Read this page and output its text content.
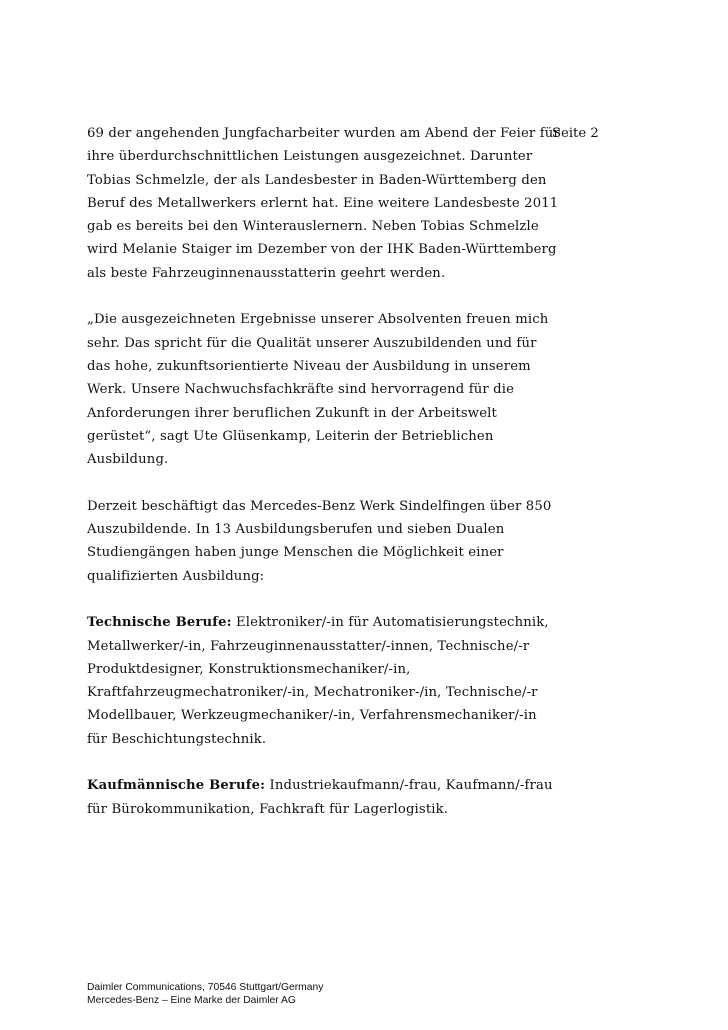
Seite 2

69 der angehenden Jungfacharbeiter wurden am Abend der Feier für
ihre überdurchschnittlichen Leistungen ausgezeichnet. Darunter
Tobias Schmelzle, der als Landesbester in Baden-Württemberg den
Beruf des Metallwerkers erlernt hat. Eine weitere Landesbeste 2011
gab es bereits bei den Winterauslernern. Neben Tobias Schmelzle
wird Melanie Staiger im Dezember von der IHK Baden-Württemberg
als beste Fahrzeuginnenausstatterin geehrt werden.

„Die ausgezeichneten Ergebnisse unserer Absolventen freuen mich
sehr. Das spricht für die Qualität unserer Auszubildenden und für
das hohe, zukunftsorientierte Niveau der Ausbildung in unserem
Werk. Unsere Nachwuchsfachkräfte sind hervorragend für die
Anforderungen ihrer beruflichen Zukunft in der Arbeitswelt
gerüstet“, sagt Ute Glüsenkamp, Leiterin der Betrieblichen
Ausbildung.

Derzeit beschäftigt das Mercedes-Benz Werk Sindelfingen über 850
Auszubildende. In 13 Ausbildungsberufen und sieben Dualen
Studiengängen haben junge Menschen die Möglichkeit einer
qualifizierten Ausbildung:

Technische Berufe: Elektroniker/-in für Automatisierungstechnik,
Metallwerker/-in, Fahrzeuginnenausstatter/-innen, Technische/-r
Produktdesigner, Konstruktionsmechaniker/-in,
Kraftfahrzeugmechatroniker/-in, Mechatroniker-/in, Technische/-r
Modellbauer, Werkzeugmechaniker/-in, Verfahrensmechaniker/-in
für Beschichtungstechnik.

Kaufmännische Berufe: Industriekaufmann/-frau, Kaufmann/-frau
für Bürokommunikation, Fachkraft für Lagerlogistik.

Daimler Communications, 70546 Stuttgart/Germany
Mercedes-Benz – Eine Marke der Daimler AG
